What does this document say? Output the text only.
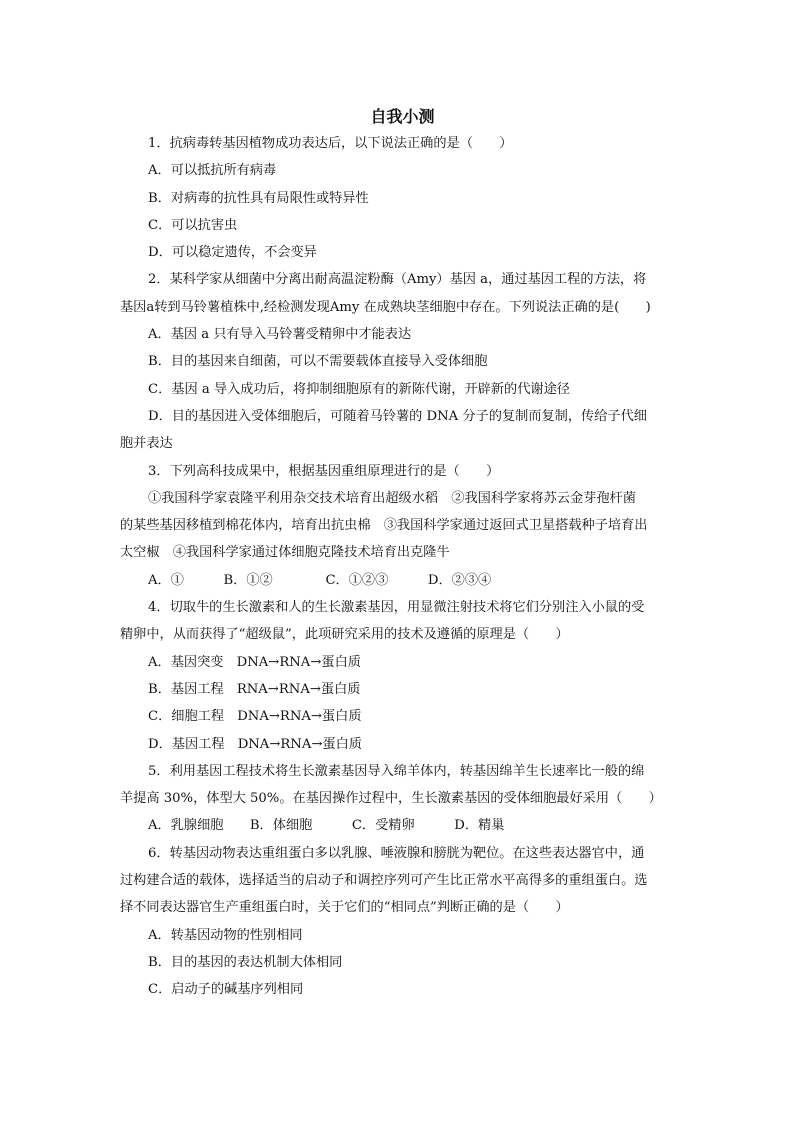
自我小测
1．抗病毒转基因植物成功表达后，以下说法正确的是（　　）
A．可以抵抗所有病毒
B．对病毒的抗性具有局限性或特异性
C．可以抗害虫
D．可以稳定遗传，不会变异
2．某科学家从细菌中分离出耐高温淀粉酶（Amy）基因 a，通过基因工程的方法，将
基因a转到马铃薯植株中,经检测发现Amy 在成熟块茎细胞中存在。下列说法正确的是(　　)
A．基因 a 只有导入马铃薯受精卵中才能表达
B．目的基因来自细菌，可以不需要载体直接导入受体细胞
C．基因 a 导入成功后，将抑制细胞原有的新陈代谢，开辟新的代谢途径
D．目的基因进入受体细胞后，可随着马铃薯的 DNA 分子的复制而复制，传给子代细
胞并表达
3．下列高科技成果中，根据基因重组原理进行的是（　　）
①我国科学家袁隆平利用杂交技术培育出超级水稻　②我国科学家将苏云金芽孢杆菌
的某些基因移植到棉花体内，培育出抗虫棉　③我国科学家通过返回式卫星搭载种子培育出
太空椒　④我国科学家通过体细胞克隆技术培育出克隆牛
A．①　　　B．①②　　　　C．①②③　　　D．②③④
4．切取牛的生长激素和人的生长激素基因，用显微注射技术将它们分别注入小鼠的受
精卵中，从而获得了“超级鼠”，此项研究采用的技术及遵循的原理是（　　）
A．基因突变　DNA→RNA→蛋白质
B．基因工程　RNA→RNA→蛋白质
C．细胞工程　DNA→RNA→蛋白质
D．基因工程　DNA→RNA→蛋白质
5．利用基因工程技术将生长激素基因导入绵羊体内，转基因绵羊生长速率比一般的绵
羊提高 30%，体型大 50%。在基因操作过程中，生长激素基因的受体细胞最好采用（　　）
A．乳腺细胞　　B．体细胞　　　C．受精卵　　　D．精巢
6．转基因动物表达重组蛋白多以乳腺、唾液腺和膀胱为靶位。在这些表达器官中，通
过构建合适的载体，选择适当的启动子和调控序列可产生比正常水平高得多的重组蛋白。选
择不同表达器官生产重组蛋白时，关于它们的“相同点”判断正确的是（　　）
A．转基因动物的性别相同
B．目的基因的表达机制大体相同
C．启动子的碱基序列相同
